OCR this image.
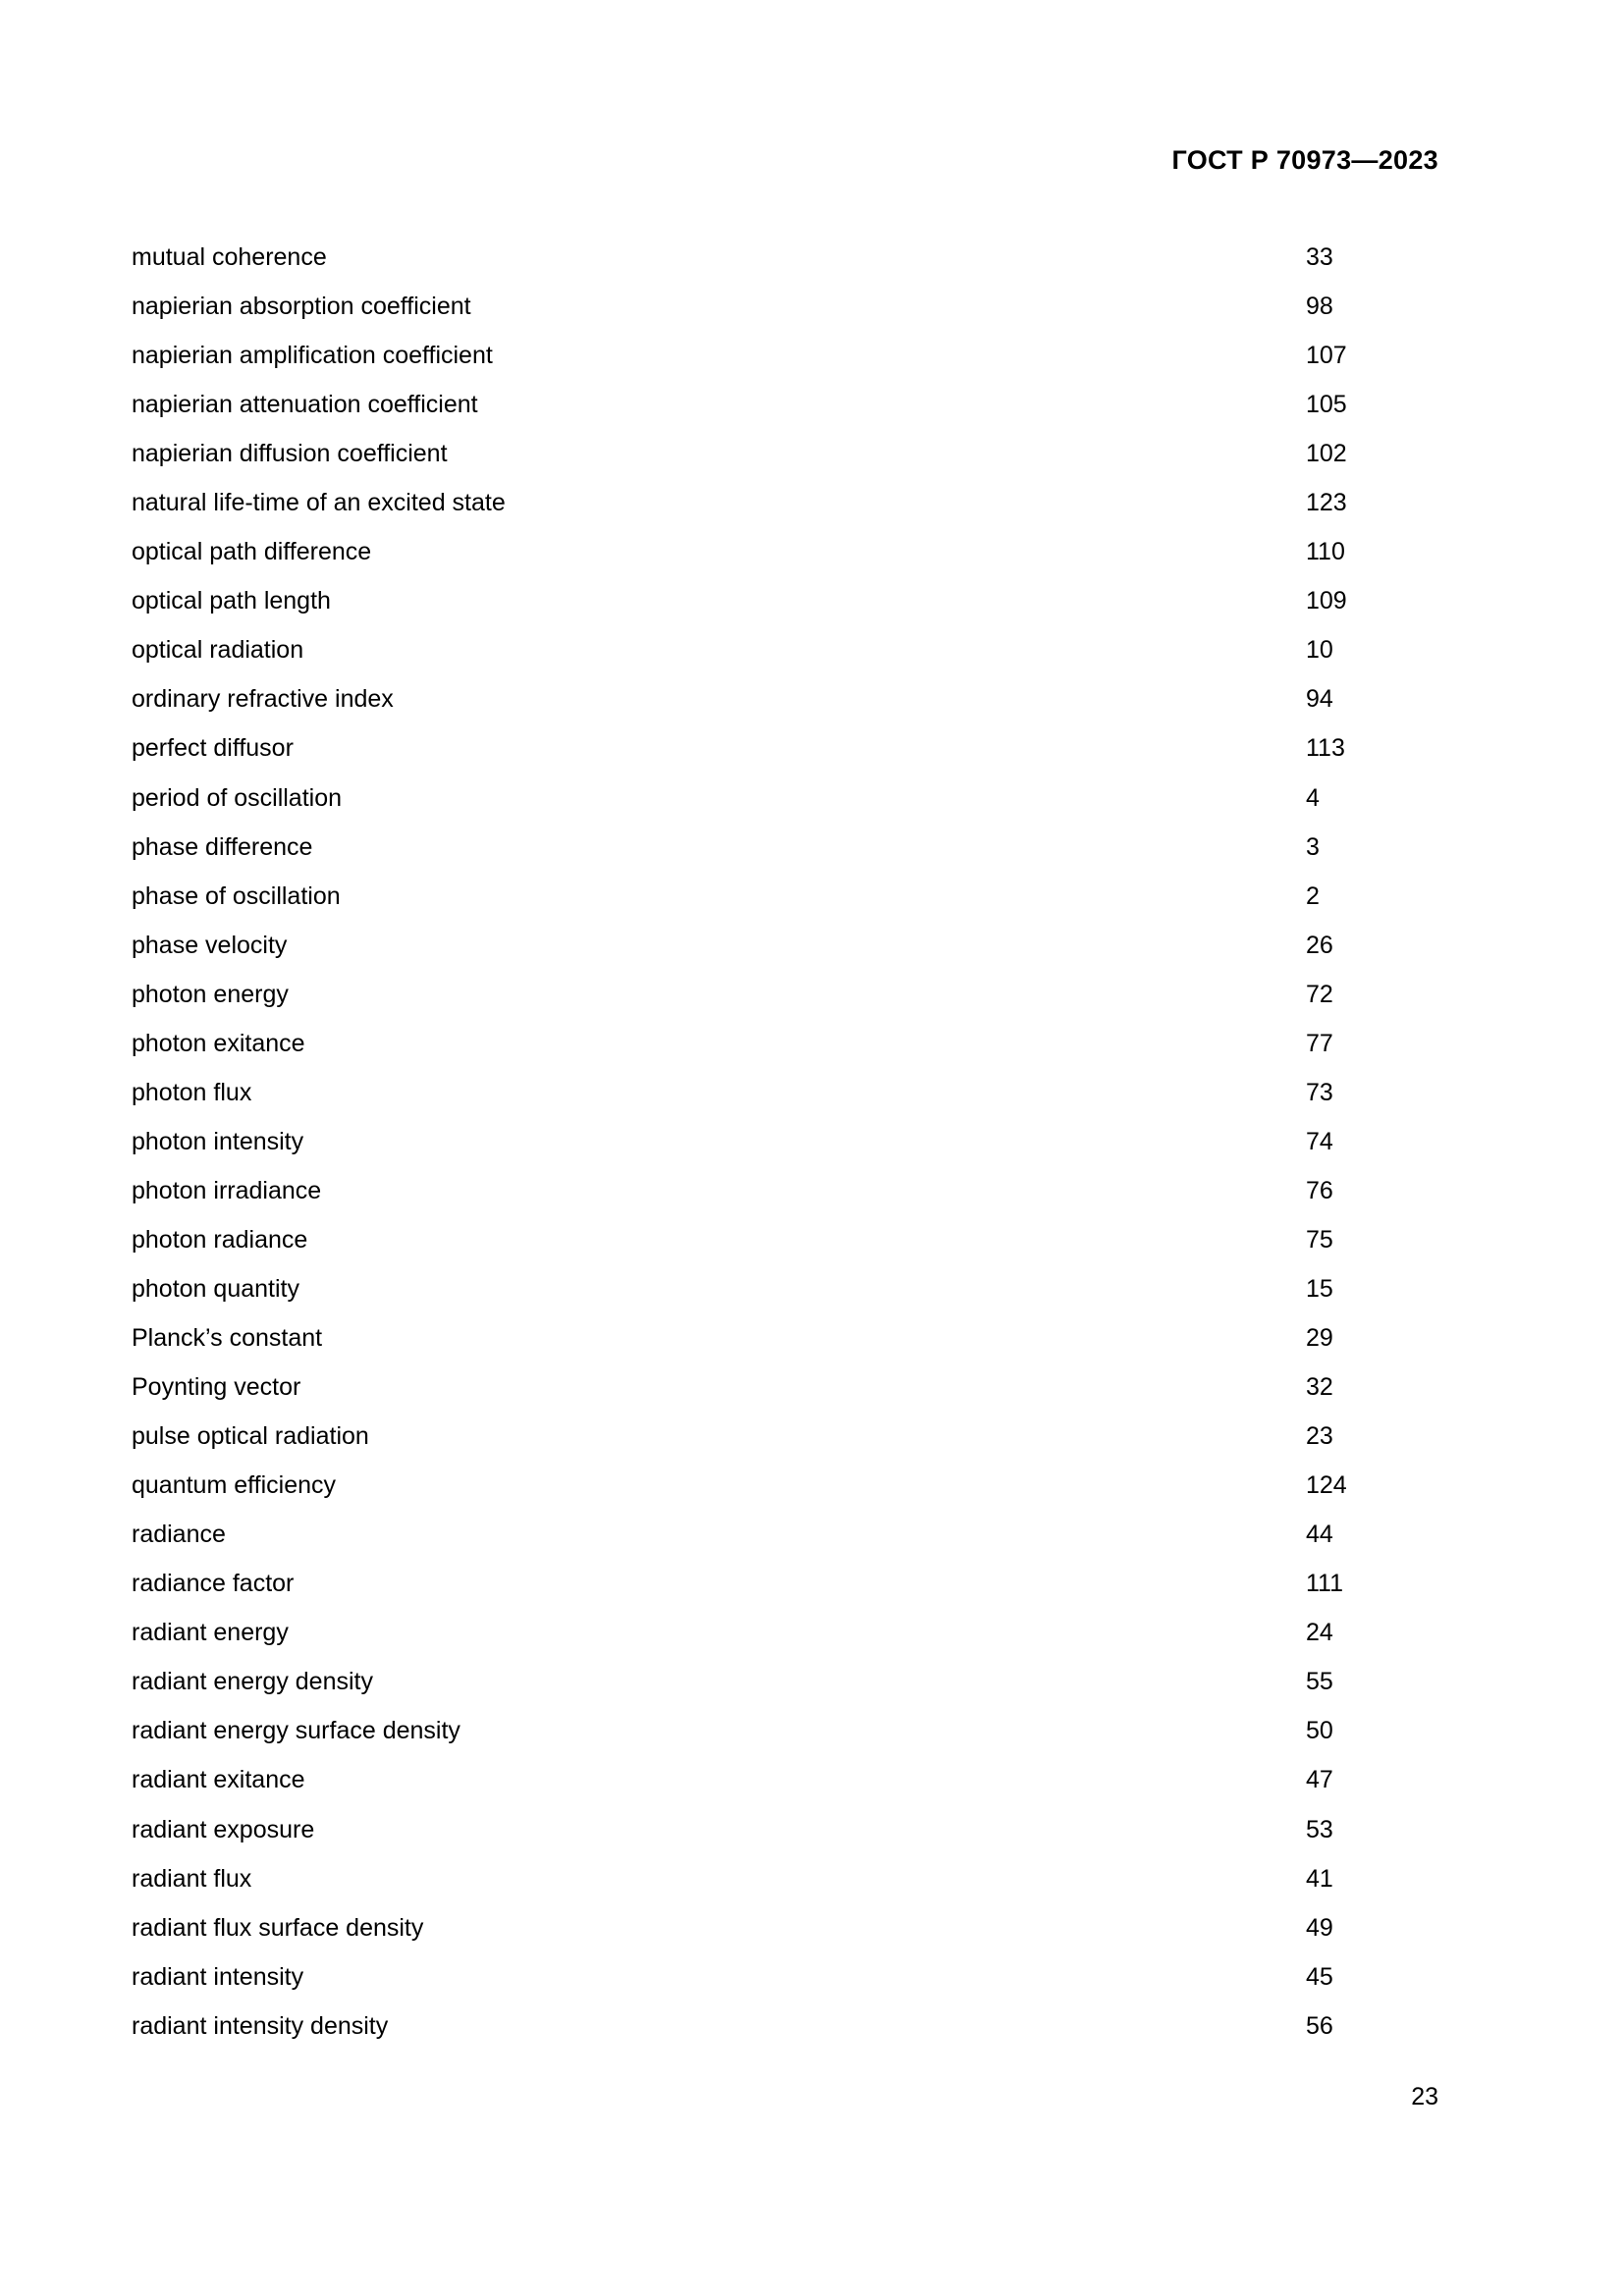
ГОСТ Р 70973—2023
mutual coherence	33
napierian absorption coefficient	98
napierian amplification coefficient	107
napierian attenuation coefficient	105
napierian diffusion coefficient	102
natural life-time of an excited state	123
optical path difference	110
optical path length	109
optical radiation	10
ordinary refractive index	94
perfect diffusor	113
period of oscillation	4
phase difference	3
phase of oscillation	2
phase velocity	26
photon energy	72
photon exitance	77
photon flux	73
photon intensity	74
photon irradiance	76
photon radiance	75
photon quantity	15
Planck’s constant	29
Poynting vector	32
pulse optical radiation	23
quantum efficiency	124
radiance	44
radiance factor	111
radiant energy	24
radiant energy density	55
radiant energy surface density	50
radiant exitance	47
radiant exposure	53
radiant flux	41
radiant flux surface density	49
radiant intensity	45
radiant intensity density	56
23
